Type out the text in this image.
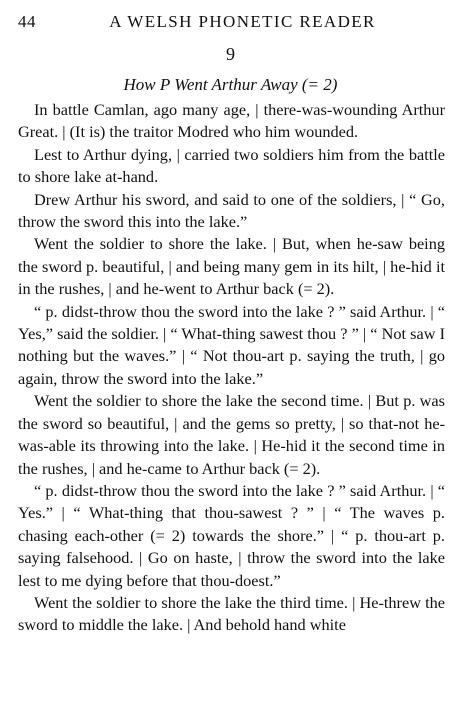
44	A WELSH PHONETIC READER
9
How P Went Arthur Away (= 2)

In battle Camlan, ago many age, | there-was-wounding Arthur Great. | (It is) the traitor Modred who him wounded.

Lest to Arthur dying, | carried two soldiers him from the battle to shore lake at-hand.

Drew Arthur his sword, and said to one of the soldiers, | “ Go, throw the sword this into the lake.”

Went the soldier to shore the lake. | But, when he-saw being the sword p. beautiful, | and being many gem in its hilt, | he-hid it in the rushes, | and he-went to Arthur back (= 2).

“ p. didst-throw thou the sword into the lake ? ” said Arthur. | “ Yes,” said the soldier. | “ What-thing sawest thou ? ” | “ Not saw I nothing but the waves.” | “ Not thou-art p. saying the truth, | go again, throw the sword into the lake.”

Went the soldier to shore the lake the second time. | But p. was the sword so beautiful, | and the gems so pretty, | so that-not he-was-able its throwing into the lake. | He-hid it the second time in the rushes, | and he-came to Arthur back (= 2).

“ p. didst-throw thou the sword into the lake ? ” said Arthur. | “ Yes.” | “ What-thing that thou-sawest ? ” | “ The waves p. chasing each-other (= 2) towards the shore.” | “ p. thou-art p. saying falsehood. | Go on haste, | throw the sword into the lake lest to me dying before that thou-doest.”

Went the soldier to shore the lake the third time. | He-threw the sword to middle the lake. | And behold hand white
